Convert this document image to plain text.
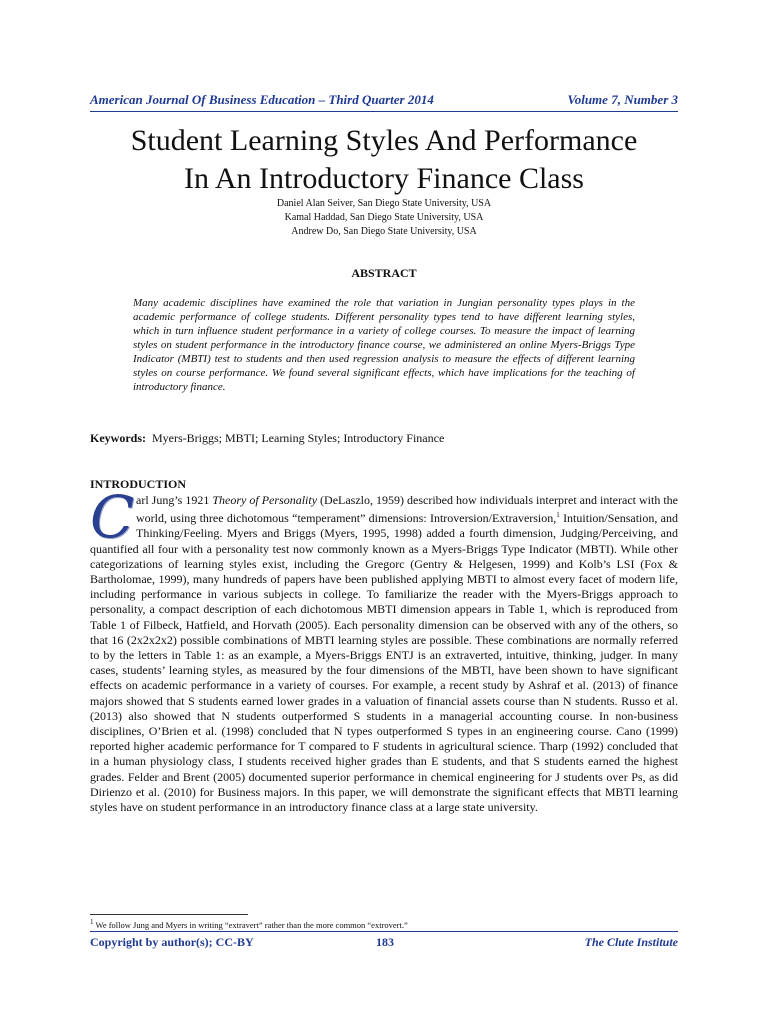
American Journal Of Business Education – Third Quarter 2014	Volume 7, Number 3
Student Learning Styles And Performance
In An Introductory Finance Class
Daniel Alan Seiver, San Diego State University, USA
Kamal Haddad, San Diego State University, USA
Andrew Do, San Diego State University, USA
ABSTRACT
Many academic disciplines have examined the role that variation in Jungian personality types plays in the academic performance of college students. Different personality types tend to have different learning styles, which in turn influence student performance in a variety of college courses. To measure the impact of learning styles on student performance in the introductory finance course, we administered an online Myers-Briggs Type Indicator (MBTI) test to students and then used regression analysis to measure the effects of different learning styles on course performance. We found several significant effects, which have implications for the teaching of introductory finance.
Keywords: Myers-Briggs; MBTI; Learning Styles; Introductory Finance
INTRODUCTION
Carl Jung’s 1921 Theory of Personality (DeLaszlo, 1959) described how individuals interpret and interact with the world, using three dichotomous “temperament” dimensions: Introversion/Extraversion,$^1$ Intuition/Sensation, and Thinking/Feeling. Myers and Briggs (Myers, 1995, 1998) added a fourth dimension, Judging/Perceiving, and quantified all four with a personality test now commonly known as a Myers-Briggs Type Indicator (MBTI). While other categorizations of learning styles exist, including the Gregorc (Gentry & Helgesen, 1999) and Kolb’s LSI (Fox & Bartholomae, 1999), many hundreds of papers have been published applying MBTI to almost every facet of modern life, including performance in various subjects in college. To familiarize the reader with the Myers-Briggs approach to personality, a compact description of each dichotomous MBTI dimension appears in Table 1, which is reproduced from Table 1 of Filbeck, Hatfield, and Horvath (2005). Each personality dimension can be observed with any of the others, so that 16 (2x2x2x2) possible combinations of MBTI learning styles are possible. These combinations are normally referred to by the letters in Table 1: as an example, a Myers-Briggs ENTJ is an extraverted, intuitive, thinking, judger. In many cases, students’ learning styles, as measured by the four dimensions of the MBTI, have been shown to have significant effects on academic performance in a variety of courses. For example, a recent study by Ashraf et al. (2013) of finance majors showed that S students earned lower grades in a valuation of financial assets course than N students. Russo et al. (2013) also showed that N students outperformed S students in a managerial accounting course. In non-business disciplines, O’Brien et al. (1998) concluded that N types outperformed S types in an engineering course. Cano (1999) reported higher academic performance for T compared to F students in agricultural science. Tharp (1992) concluded that in a human physiology class, I students received higher grades than E students, and that S students earned the highest grades. Felder and Brent (2005) documented superior performance in chemical engineering for J students over Ps, as did Dirienzo et al. (2010) for Business majors. In this paper, we will demonstrate the significant effects that MBTI learning styles have on student performance in an introductory finance class at a large state university.
$^1$ We follow Jung and Myers in writing “extravert” rather than the more common “extrovert.”
Copyright by author(s); CC-BY	183	The Clute Institute
